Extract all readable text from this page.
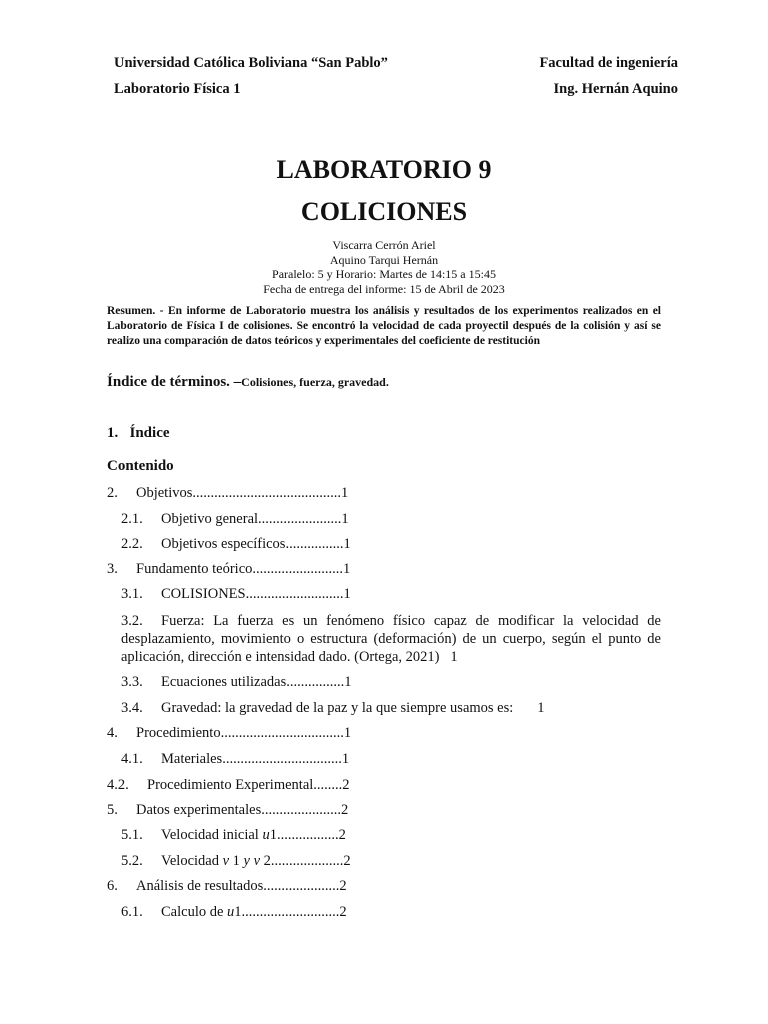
Universidad Católica Boliviana “San Pablo”	Facultad de ingeniería
Laboratorio Física 1	Ing. Hernán Aquino
LABORATORIO 9
COLICIONES
Viscarra Cerrón Ariel
Aquino Tarqui Hernán
Paralelo: 5 y Horario: Martes de 14:15 a 15:45
Fecha de entrega del informe: 15 de Abril de 2023
Resumen. - En informe de Laboratorio muestra los análisis y resultados de los experimentos realizados en el Laboratorio de Física I de colisiones. Se encontró la velocidad de cada proyectil después de la colisión y así se realizo una comparación de datos teóricos y experimentales del coeficiente de restitución
Índice de términos. –Colisiones, fuerza, gravedad.
1. Índice
Contenido
2. Objetivos.........................................1
2.1. Objetivo general.......................1
2.2. Objetivos específicos................1
3. Fundamento teórico.........................1
3.1. COLISIONES...........................1
3.2. Fuerza: La fuerza es un fenómeno físico capaz de modificar la velocidad de desplazamiento, movimiento o estructura (deformación) de un cuerpo, según el punto de aplicación, dirección e intensidad dado. (Ortega, 2021) 1
3.3. Ecuaciones utilizadas................1
3.4. Gravedad: la gravedad de la paz y la que siempre usamos es: 1
4. Procedimiento..................................1
4.1. Materiales.................................1
4.2. Procedimiento Experimental........2
5. Datos experimentales......................2
5.1. Velocidad inicial u1.................2
5.2. Velocidad v 1 y v 2....................2
6. Análisis de resultados.....................2
6.1. Calculo de u1...........................2
